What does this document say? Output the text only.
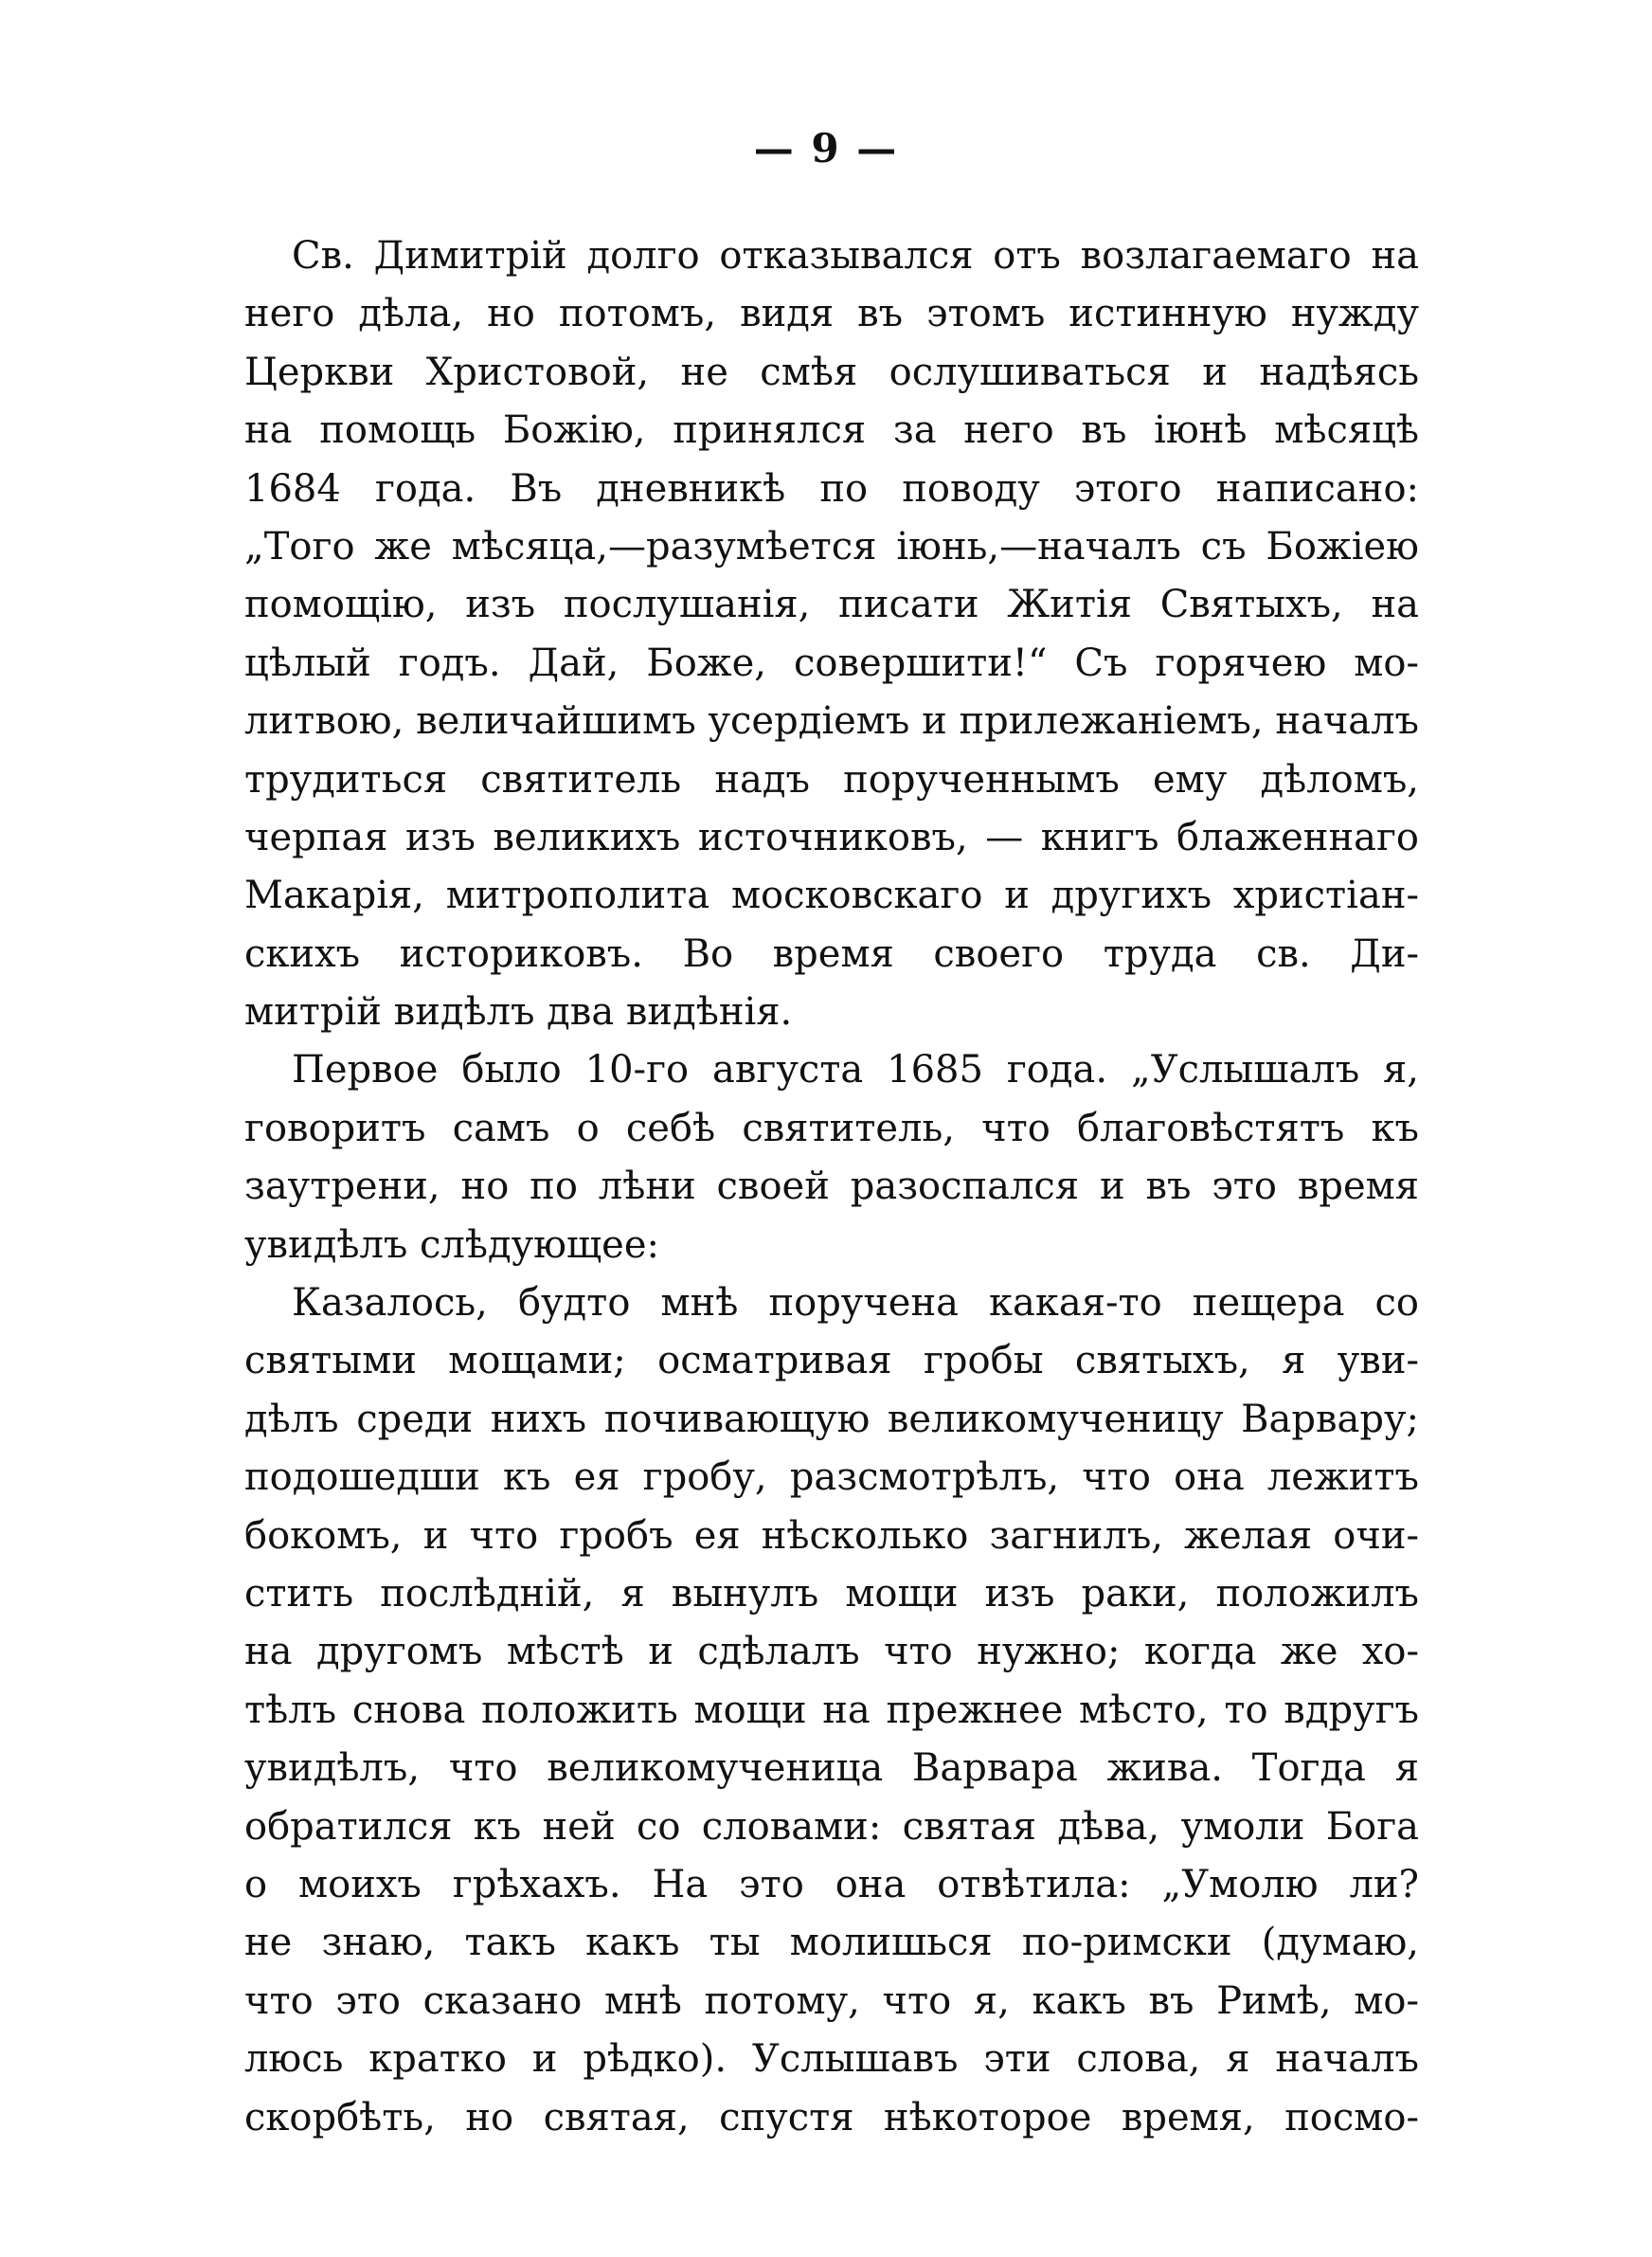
— 9 —
Св. Димитрій долго отказывался отъ возлагаемаго на
него дѣла, но потомъ, видя въ этомъ истинную нужду
Церкви Христовой, не смѣя ослушиваться и надѣясь
на помощь Божію, принялся за него въ іюнѣ мѣсяцѣ
1684 года. Въ дневникѣ по поводу этого написано:
„Того же мѣсяца,—разумѣется іюнь,—началъ съ Божіею
помощію, изъ послушанія, писати Житія Святыхъ, на
цѣлый годъ. Дай, Боже, совершити!“ Съ горячею мо-
литвою, величайшимъ усердіемъ и прилежаніемъ, началъ
трудиться святитель надъ порученнымъ ему дѣломъ,
черпая изъ великихъ источниковъ, — книгъ блаженнаго
Макарія, митрополита московскаго и другихъ христіан-
скихъ историковъ. Во время своего труда св. Ди-
митрій видѣлъ два видѣнія.
Первое было 10-го августа 1685 года. „Услышалъ я,
говоритъ самъ о себѣ святитель, что благовѣстятъ къ
заутрени, но по лѣни своей разоспался и въ это время
увидѣлъ слѣдующее:
Казалось, будто мнѣ поручена какая-то пещера со
святыми мощами; осматривая гробы святыхъ, я уви-
дѣлъ среди нихъ почивающую великомученицу Варвару;
подошедши къ ея гробу, разсмотрѣлъ, что она лежитъ
бокомъ, и что гробъ ея нѣсколько загнилъ, желая очи-
стить послѣдній, я вынулъ мощи изъ раки, положилъ
на другомъ мѣстѣ и сдѣлалъ что нужно; когда же хо-
тѣлъ снова положить мощи на прежнее мѣсто, то вдругъ
увидѣлъ, что великомученица Варвара жива. Тогда я
обратился къ ней со словами: святая дѣва, умоли Бога
о моихъ грѣхахъ. На это она отвѣтила: „Умолю ли?
не знаю, такъ какъ ты молишься по-римски (думаю,
что это сказано мнѣ потому, что я, какъ въ Римѣ, мо-
люсь кратко и рѣдко). Услышавъ эти слова, я началъ
скорбѣть, но святая, спустя нѣкоторое время, посмо-
